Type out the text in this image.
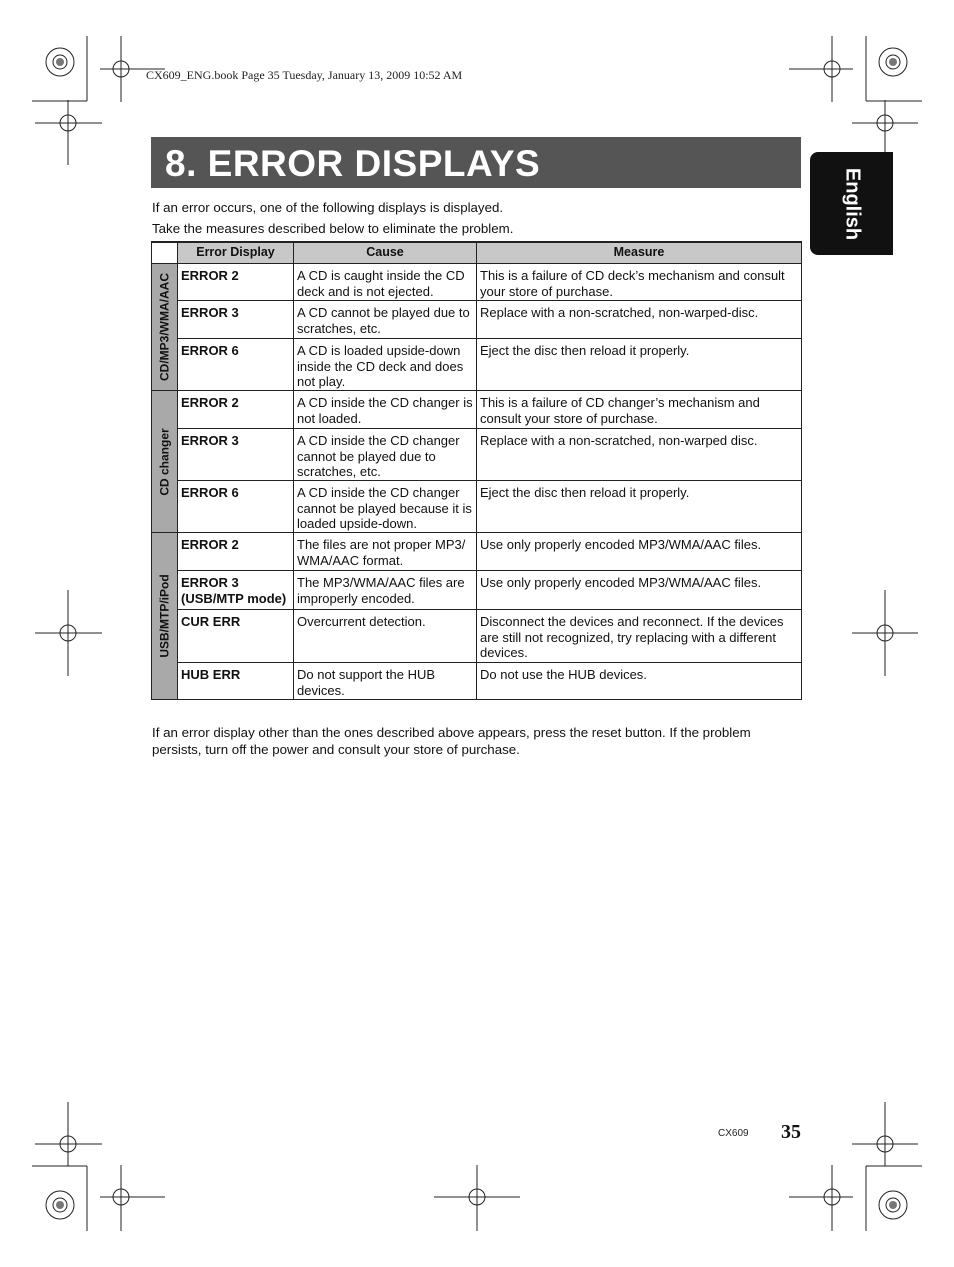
CX609_ENG.book Page 35 Tuesday, January 13, 2009 10:52 AM
8. ERROR DISPLAYS
English
If an error occurs, one of the following displays is displayed.
Take the measures described below to eliminate the problem.
	Error Display	Cause	Measure

CD/MP3/WMA/AAC	ERROR 2	A CD is caught inside the CD deck and is not ejected.	This is a failure of CD deck’s mechanism and consult your store of purchase.
	ERROR 3	A CD cannot be played due to scratches, etc.	Replace with a non-scratched, non-warped-disc.
	ERROR 6	A CD is loaded upside-down inside the CD deck and does not play.	Eject the disc then reload it properly.

CD changer	ERROR 2	A CD inside the CD changer is not loaded.	This is a failure of CD changer’s mechanism and consult your store of purchase.
	ERROR 3	A CD inside the CD changer cannot be played due to scratches, etc.	Replace with a non-scratched, non-warped disc.
	ERROR 6	A CD inside the CD changer cannot be played because it is loaded upside-down.	Eject the disc then reload it properly.

USB/MTP/iPod	ERROR 2	The files are not proper MP3/ WMA/AAC format.	Use only properly encoded MP3/WMA/AAC files.
	ERROR 3 (USB/MTP mode)	The MP3/WMA/AAC files are improperly encoded.	Use only properly encoded MP3/WMA/AAC files.
	CUR ERR	Overcurrent detection.	Disconnect the devices and reconnect. If the devices are still not recognized, try replacing with a different devices.
	HUB ERR	Do not support the HUB devices.	Do not use the HUB devices.
If an error display other than the ones described above appears, press the reset button. If the problem persists, turn off the power and consult your store of purchase.
CX609 35
